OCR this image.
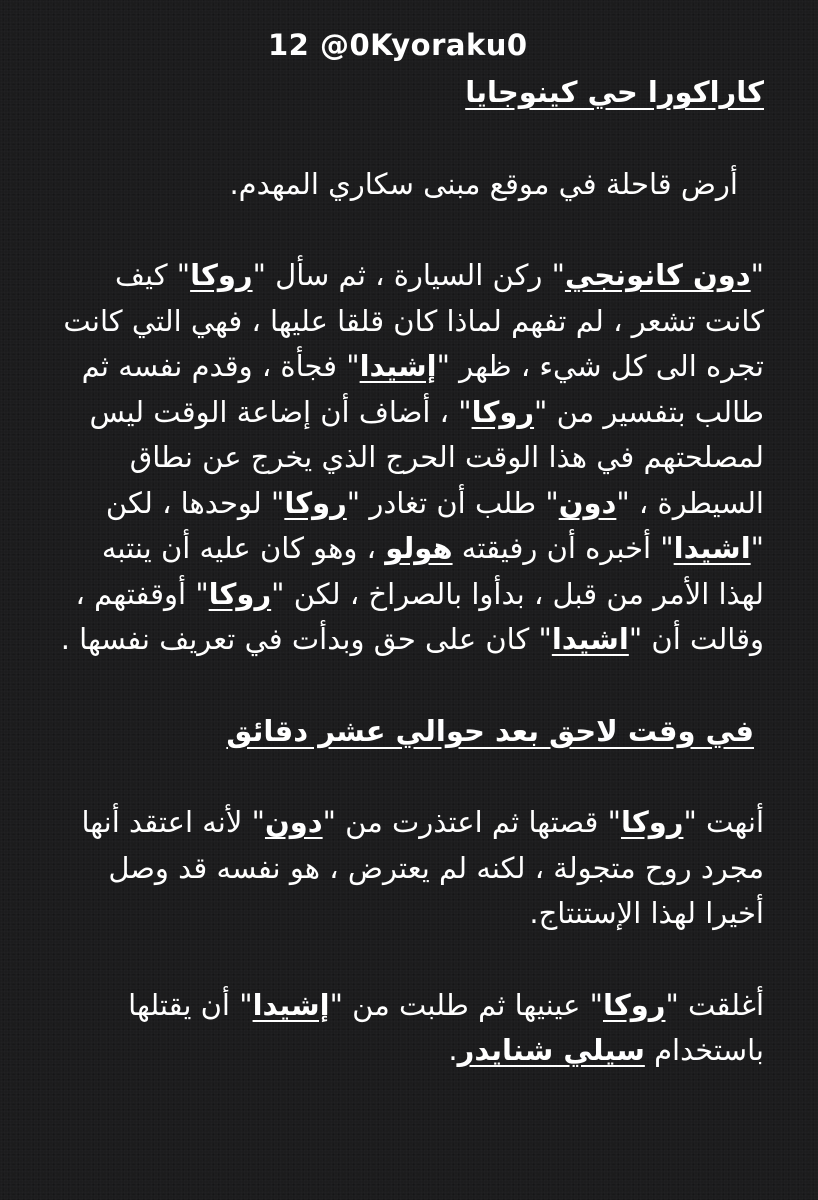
12 @0Kyoraku0

كاراكورا حي كينوجايا

أرض قاحلة في موقع مبنى سكاري المهدم.

"دون كانونجي" ركن السيارة ، ثم سأل "روكا" كيف كانت تشعر ، لم تفهم لماذا كان قلقا عليها ، فهي التي كانت تجره الى كل شيء ، ظهر "إشيدا" فجأة ، وقدم نفسه ثم طالب بتفسير من "روكا" ، أضاف أن إضاعة الوقت ليس لمصلحتهم في هذا الوقت الحرج الذي يخرج عن نطاق السيطرة ، "دون" طلب أن تغادر "روكا" لوحدها ، لكن "اشيدا" أخبره أن رفيقته هولو ، وهو كان عليه أن ينتبه لهذا الأمر من قبل ، بدأوا بالصراخ ، لكن "روكا" أوقفتهم ، وقالت أن "اشيدا" كان على حق وبدأت في تعريف نفسها .

في وقت لاحق بعد حوالي عشر دقائق

أنهت "روكا" قصتها ثم اعتذرت من "دون" لأنه اعتقد أنها مجرد روح متجولة ، لكنه لم يعترض ، هو نفسه قد وصل أخيرا لهذا الإستنتاج.

أغلقت "روكا" عينيها ثم طلبت من "إشيدا" أن يقتلها باستخدام سيلي شنايدر.
